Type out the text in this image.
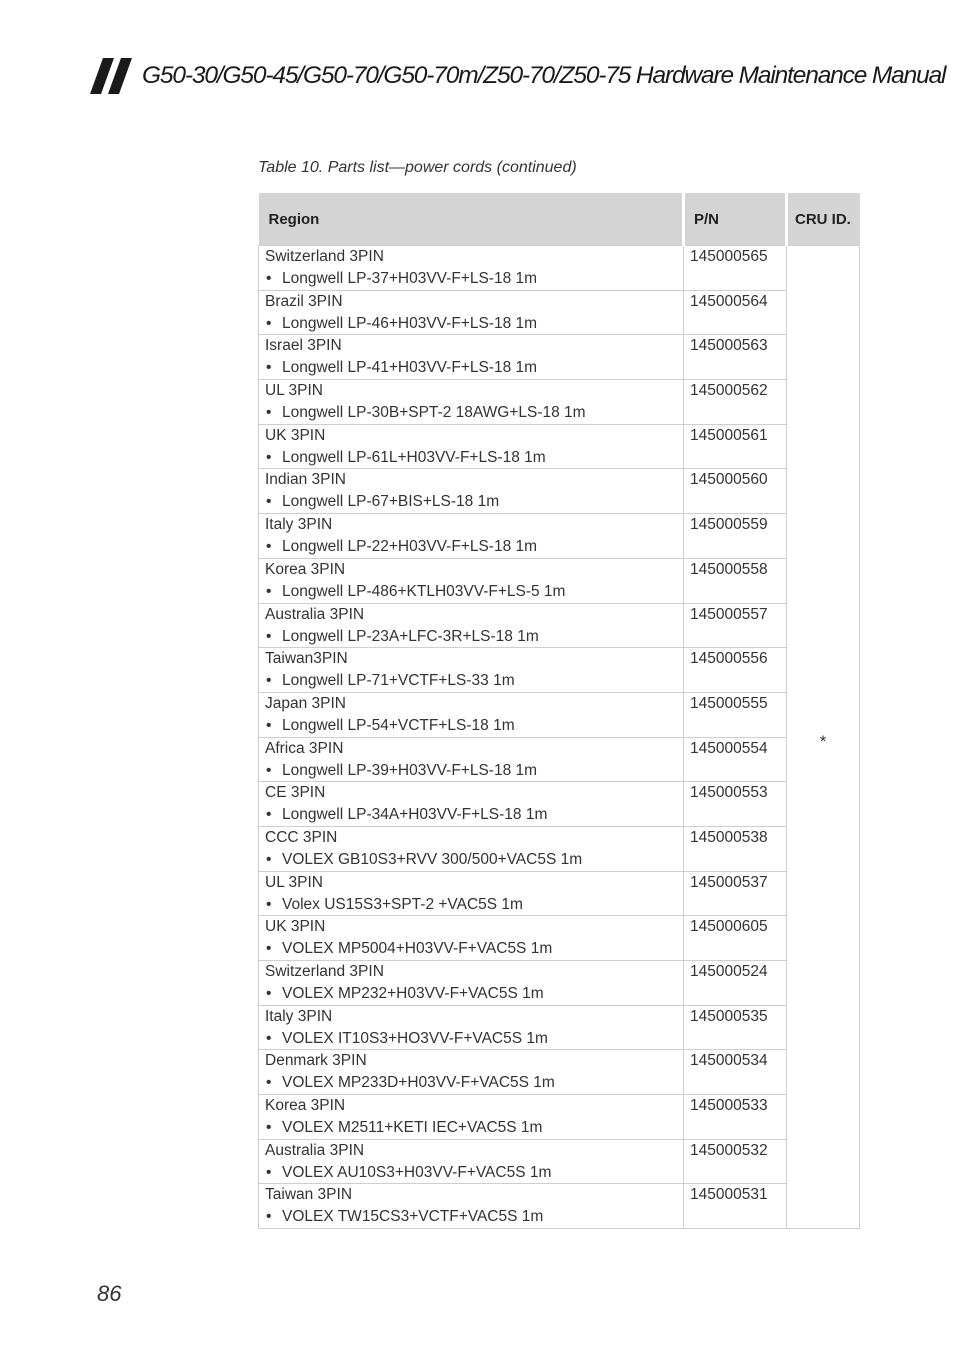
G50-30/G50-45/G50-70/G50-70m/Z50-70/Z50-75 Hardware Maintenance Manual
Table 10. Parts list—power cords (continued)
Region	P/N	CRU ID.

Switzerland 3PIN
• Longwell LP-37+H03VV-F+LS-18 1m	145000565	*

Brazil 3PIN
• Longwell LP-46+H03VV-F+LS-18 1m	145000564	

Israel 3PIN
• Longwell LP-41+H03VV-F+LS-18 1m	145000563	

UL 3PIN
• Longwell LP-30B+SPT-2 18AWG+LS-18 1m	145000562	

UK 3PIN
• Longwell LP-61L+H03VV-F+LS-18 1m	145000561	

Indian 3PIN
• Longwell LP-67+BIS+LS-18 1m	145000560	

Italy 3PIN
• Longwell LP-22+H03VV-F+LS-18 1m	145000559	

Korea 3PIN
• Longwell LP-486+KTLH03VV-F+LS-5 1m	145000558	

Australia 3PIN
• Longwell LP-23A+LFC-3R+LS-18 1m	145000557	

Taiwan3PIN
• Longwell LP-71+VCTF+LS-33 1m	145000556	

Japan 3PIN
• Longwell LP-54+VCTF+LS-18 1m	145000555	

Africa 3PIN
• Longwell LP-39+H03VV-F+LS-18 1m	145000554	

CE 3PIN
• Longwell LP-34A+H03VV-F+LS-18 1m	145000553	

CCC 3PIN
• VOLEX GB10S3+RVV 300/500+VAC5S 1m	145000538	

UL 3PIN
• Volex US15S3+SPT-2 +VAC5S 1m	145000537	

UK 3PIN
• VOLEX MP5004+H03VV-F+VAC5S 1m	145000605	

Switzerland 3PIN
• VOLEX MP232+H03VV-F+VAC5S 1m	145000524	

Italy 3PIN
• VOLEX IT10S3+HO3VV-F+VAC5S 1m	145000535	

Denmark 3PIN
• VOLEX MP233D+H03VV-F+VAC5S 1m	145000534	

Korea 3PIN
• VOLEX M2511+KETI IEC+VAC5S 1m	145000533	

Australia 3PIN
• VOLEX AU10S3+H03VV-F+VAC5S 1m	145000532	

Taiwan 3PIN
• VOLEX TW15CS3+VCTF+VAC5S 1m	145000531	
86
